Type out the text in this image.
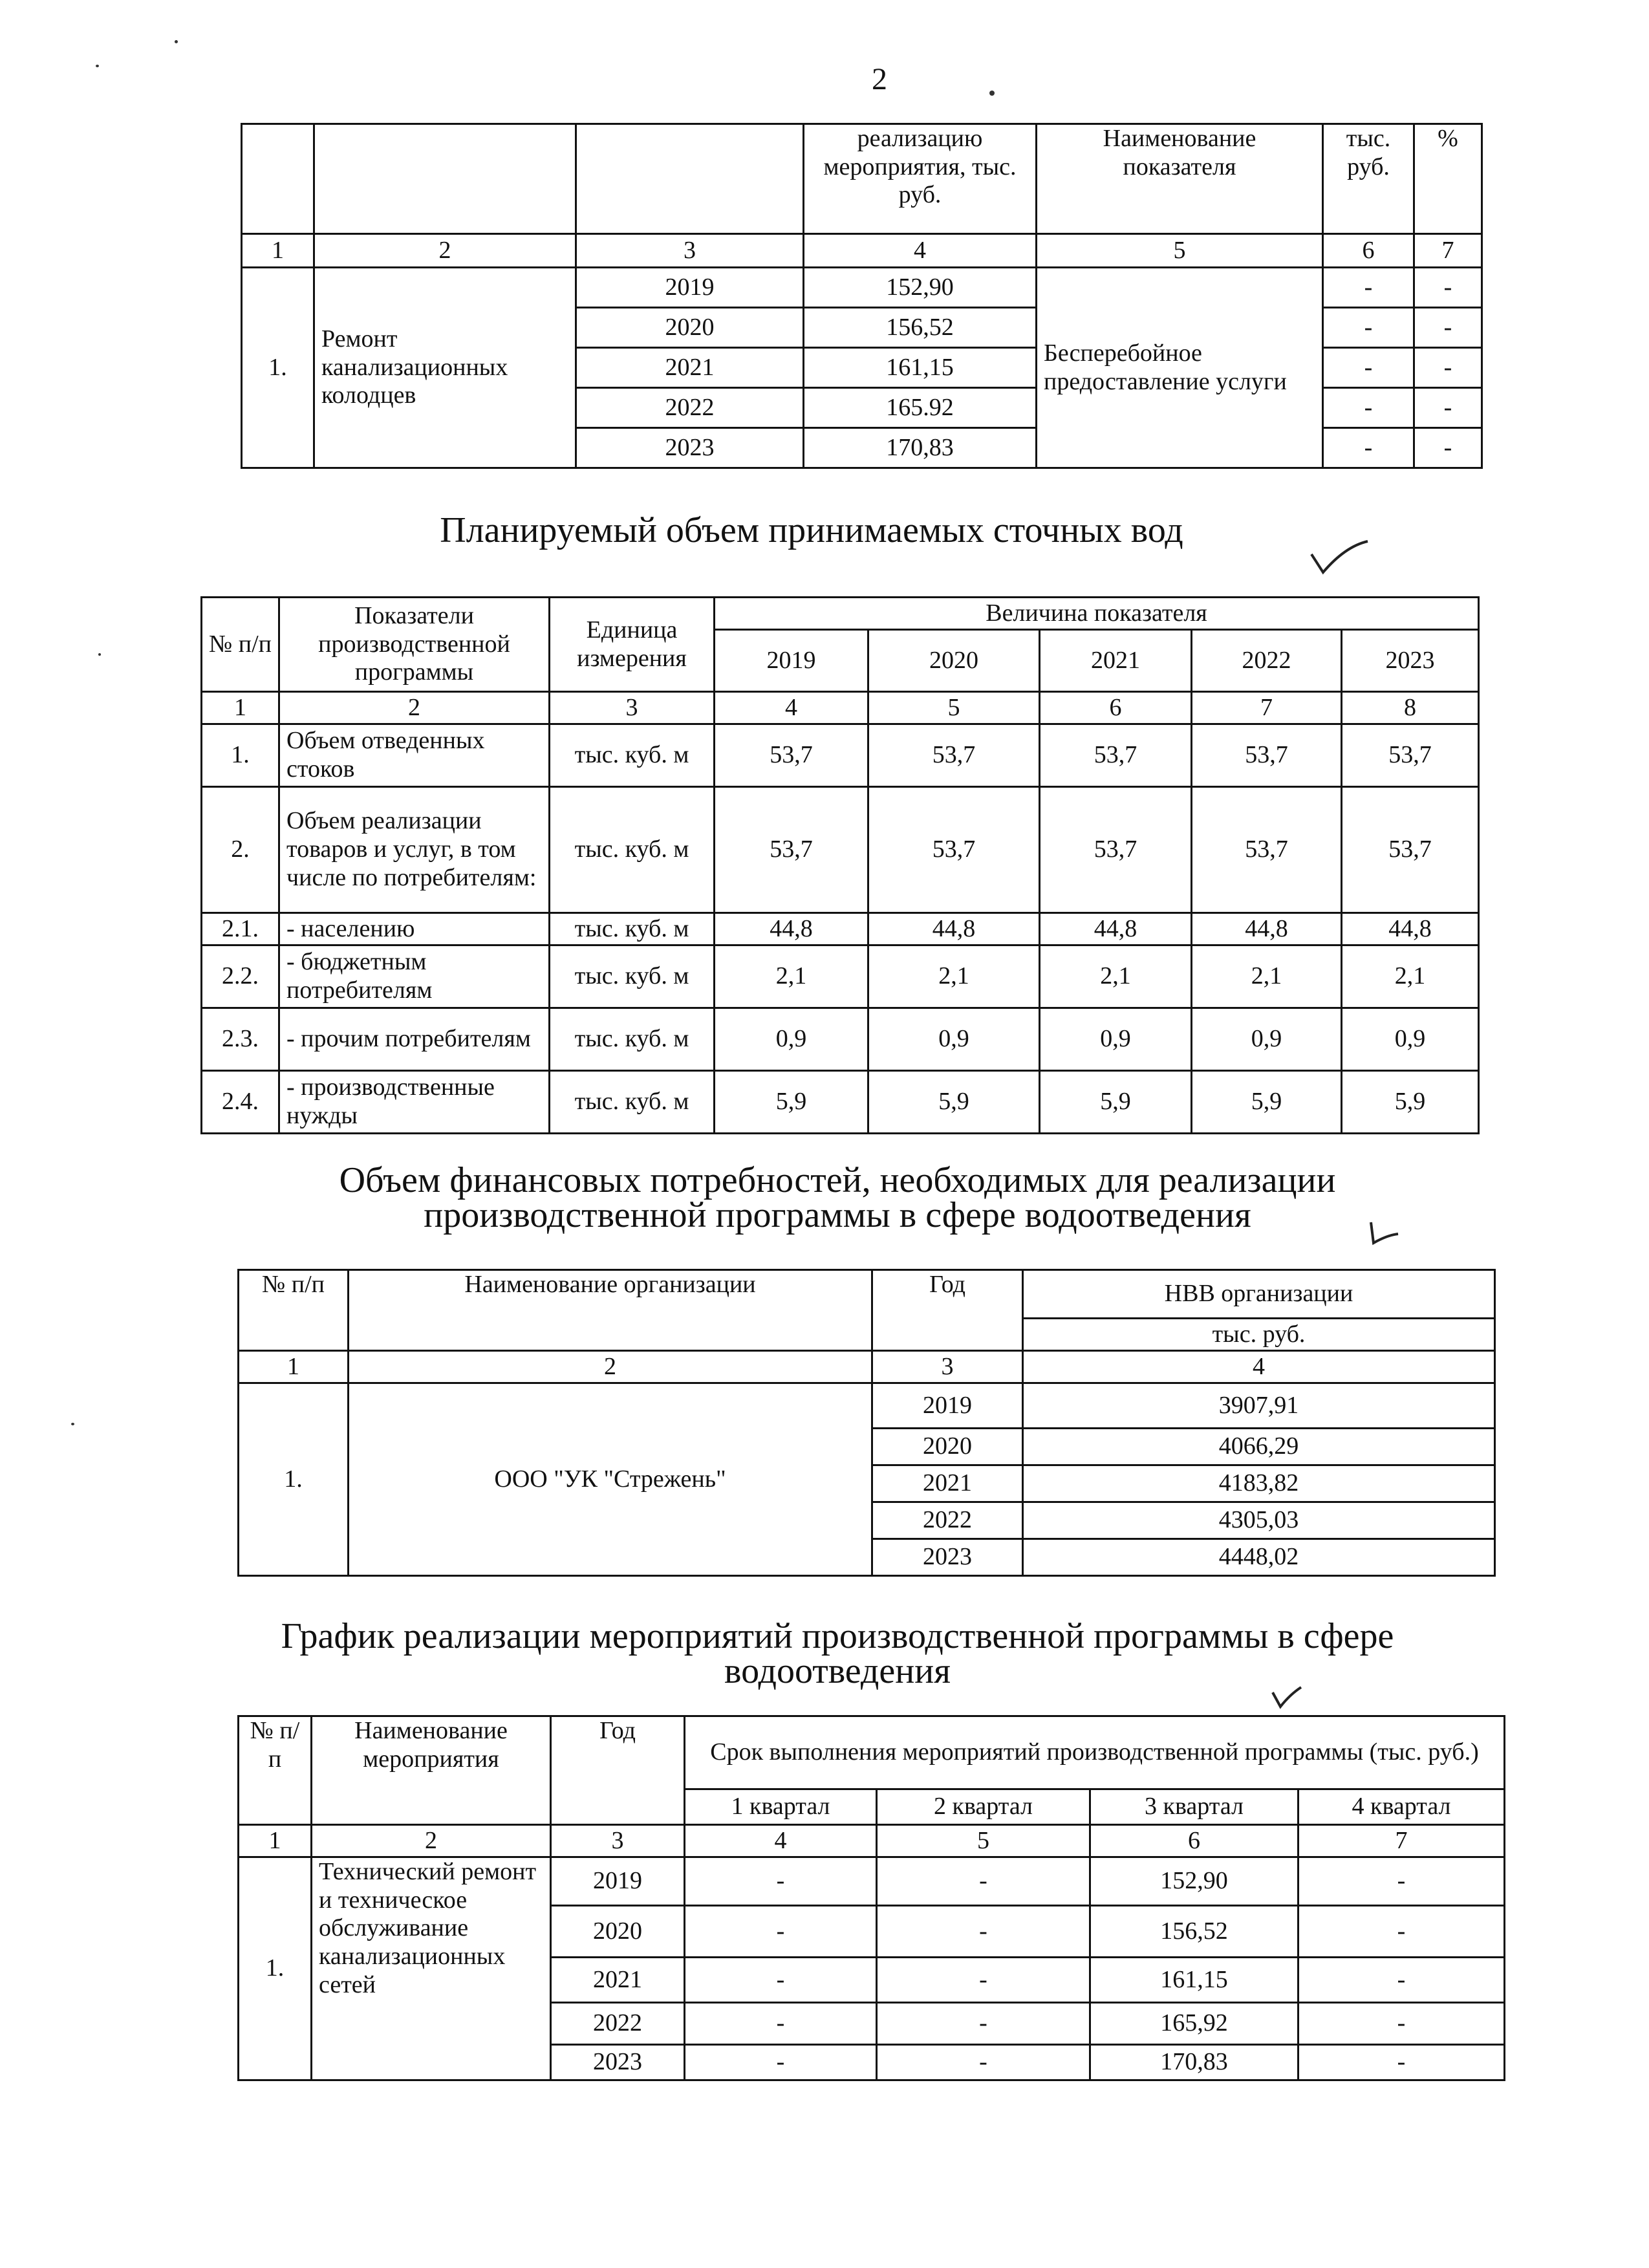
2
			реализацию мероприятия, тыс. руб.	Наименование показателя	тыс. руб.	%
1	2	3	4	5	6	7
1.	Ремонт канализационных колодцев	2019	152,90	Бесперебойное предоставление услуги	-	-
		2020	156,52		-	-
		2021	161,15		-	-
		2022	165.92		-	-
		2023	170,83		-	-
Планируемый объем принимаемых сточных вод
№ п/п	Показатели производственной программы	Единица измерения	Величина показателя				
			2019	2020	2021	2022	2023
1	2	3	4	5	6	7	8
1.	Объем отведенных стоков	тыс. куб. м	53,7	53,7	53,7	53,7	53,7
2.	Объем реализации товаров и услуг, в том числе по потребителям:	тыс. куб. м	53,7	53,7	53,7	53,7	53,7
2.1.	- населению	тыс. куб. м	44,8	44,8	44,8	44,8	44,8
2.2.	- бюджетным потребителям	тыс. куб. м	2,1	2,1	2,1	2,1	2,1
2.3.	- прочим потребителям	тыс. куб. м	0,9	0,9	0,9	0,9	0,9
2.4.	- производственные нужды	тыс. куб. м	5,9	5,9	5,9	5,9	5,9
Объем финансовых потребностей, необходимых для реализации
производственной программы в сфере водоотведения
№ п/п	Наименование организации	Год	НВВ организации
			тыс. руб.
1	2	3	4
1.	ООО "УК "Стрежень"	2019	3907,91
		2020	4066,29
		2021	4183,82
		2022	4305,03
		2023	4448,02
График реализации мероприятий производственной программы в сфере
водоотведения
№ п/п	Наименование мероприятия	Год	Срок выполнения мероприятий производственной программы (тыс. руб.)			
			1 квартал	2 квартал	3 квартал	4 квартал
1	2	3	4	5	6	7
1.	Технический ремонт и техническое обслуживание канализационных сетей	2019	-	-	152,90	-
		2020	-	-	156,52	-
		2021	-	-	161,15	-
		2022	-	-	165,92	-
		2023	-	-	170,83	-
